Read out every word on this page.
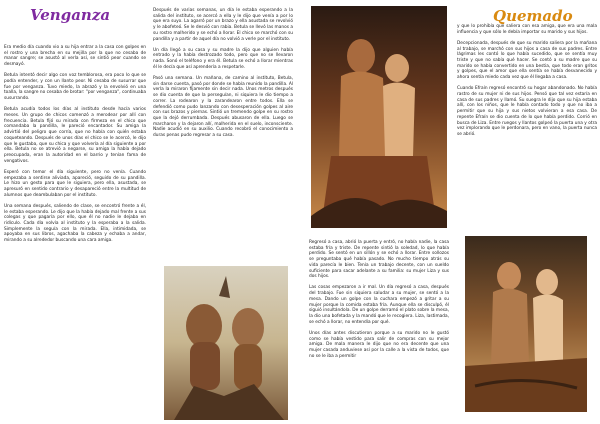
Venganza

Era medio día cuando vio a su hija entrar a la casa con golpes en el rostro y una brecha en su mejilla por la que no cesaba de manar sangre; se asustó al verla así, se sintió peor cuando se desmayó.

Betula intentó decir algo con voz temblorosa, era poco lo que se podía entender, y con un llanto peor. Ni cesaba de susurrar que fue por venganza. Tuvo miedo, la abrazó y la envolvió en una toalla, la sangre no cesaba de brotar: "por venganza", continuaba susurrando.

Betula acudía todos los días al instituto desde hacía varios meses. Un grupo de chicos comenzó a merodear por allí con frecuencia. Betula fijó su mirada con firmeza en el chico que comandaba la pandilla, le pareció encantador. Su amiga la advirtió del peligro que corría, que no había con quién estaba coqueteando. Después de unos días el chico se le acercó, le dijo que le gustaba, que su chica y que volvería al día siguiente a por ella. Betula no se atrevió a negarse, su amiga la había dejado preocupada, eran la autoridad en el barrio y tenían fama de vengativos.

Esperó con temor el día siguiente, pero no venía. Cuando empezaba a sentirse aliviada, apareció, seguido de su pandilla. Le hizo un gesto para que le siguiera, pero ella, asustada, se apresuró en sentido contrario y desapareció entre la multitud de alumnos que deambulaban por el instituto.

Una semana después, saliendo de clase, se encontró frente a él, le estaba esperando. Le dijo que la había dejado mal frente a sus colegas y que pagaría por ello, que él no nadie le dejaba en ridículo. Cada día volvía al instituto y la esperaba a la salida. Simplemente la seguía con la mirada. Ella, intimidada, se apoyaba en sus libros, agachaba la cabeza y echaba a andar, mirando a su alrededor buscando una cara amiga.

Después de varias semanas, un día le estaba esperando a la salida del instituto, se acercó a ella y le dijo que venía a por lo que era suyo. La agarró por un brazo y ella asustada se revolvió y le abofeteó. Se le desvió con rabia. Betula se llevó las manos a su rostro malherido y se echó a llorar. El chico se marchó con su pandilla y a partir de aquel día no volvió a verle por el instituto.

Un día llegó a su casa y su madre la dijo que alguien había entrado y la había destrozado todo, pero que no se llevaron nada. Sonó el teléfono y era él. Betula se echó a llorar mientras él le decía que así aprendería a respetarle.

Pasó una semana. Un mañana, de camino al instituto, Betula, sin darse cuenta, pasó por donde se había reunido la pandilla. Al verla la miraron fijamente sin decir nada. Unos metros después se dio cuenta de que la perseguían, ni siquiera le dio tiempo a correr. La rodearon y la zarandearon entre todos. Ella se defendió como pudo lanzando con desesperación golpes al aire con sus brazos y piernas. Sintió un tremendo golpe en su rostro que la dejó derrumbada. Después abusaron de ella. Luego se marcharon y la dejaron allí, malherida en el suelo, inconsciente. Nadie acudió en su auxilio. Cuando recobró el conocimiento a duras penas pudo regresar a su casa.

Regresó a casa, abrió la puerta y entró, no había nadie, la casa estaba fría y triste. De repente sintió la soledad, lo que había perdido. Se sentó en un sillón y se echó a llorar. Entre sollozos se preguntaba qué había pasado. No mucho tiempo atrás su vida parecía le bien. Tenía un trabajo decente, con un sueldo suficiente para sacar adelante a su familia: su mujer Liza y sus dos hijos.

Las cosas empezaron a ir mal. Un día regresó a casa, después del trabajo. Fue sin siquiera saludar a su mujer, se sentó a la mesa. Dando un golpe con la cuchara empezó a gritar a su mujer porque la comida estaba fría. Aunque ella se disculpó, él siguió insultándola. De un golpe derramó el plato sobre la mesa, la dio una bofetada y la mandó que le recogiera. Liza, lastimada, se echó a llorar, no entendía por qué.

Unos días antes discutieron porque a su marido no le gustó como se había vestido para salir de compras con su mejor amiga. De mala manera le dijo que no era decente que una mujer casada anduviese así por la calle a la vista de todos, que no se le iba a permitir

Quemado

y que lo prohibía que saliera con esa amiga, que era una mala influencia y que sólo le debía importar su marido y sus hijos.

Decepcionada, después de que su marido saliera por la mañana al trabajo, se marchó con sus hijos a casa de sus padres. Entre lágrimas les contó lo que había sucedido, que se sentía muy triste y que no sabía qué hacer. Se contó a su madre que su marido se había convertido en una bestia, que todo eran gritos y golpes, que el amor que ella sentía se había desvanecido y ahora sentía miedo cada vez que él llegaba a casa.

Cuando Efraín regresó encontró su hogar abandonado. No había rastro de su mujer ni de sus hijos. Pensó que tal vez estaría en casa de sus padres y llamó. Su suegra le dijo que su hija estaba allí, con los niños, que le había contado todo y que no iba a permitir que su hija y sus nietos volvieran a esa casa. De repente Efraín se dio cuenta de lo que había perdido. Corrió en busca de Liza. Entre ruegos y llantos golpeó la puerta una y otra vez implorando que le perdonara, pero en vano, la puerta nunca se abrió.
